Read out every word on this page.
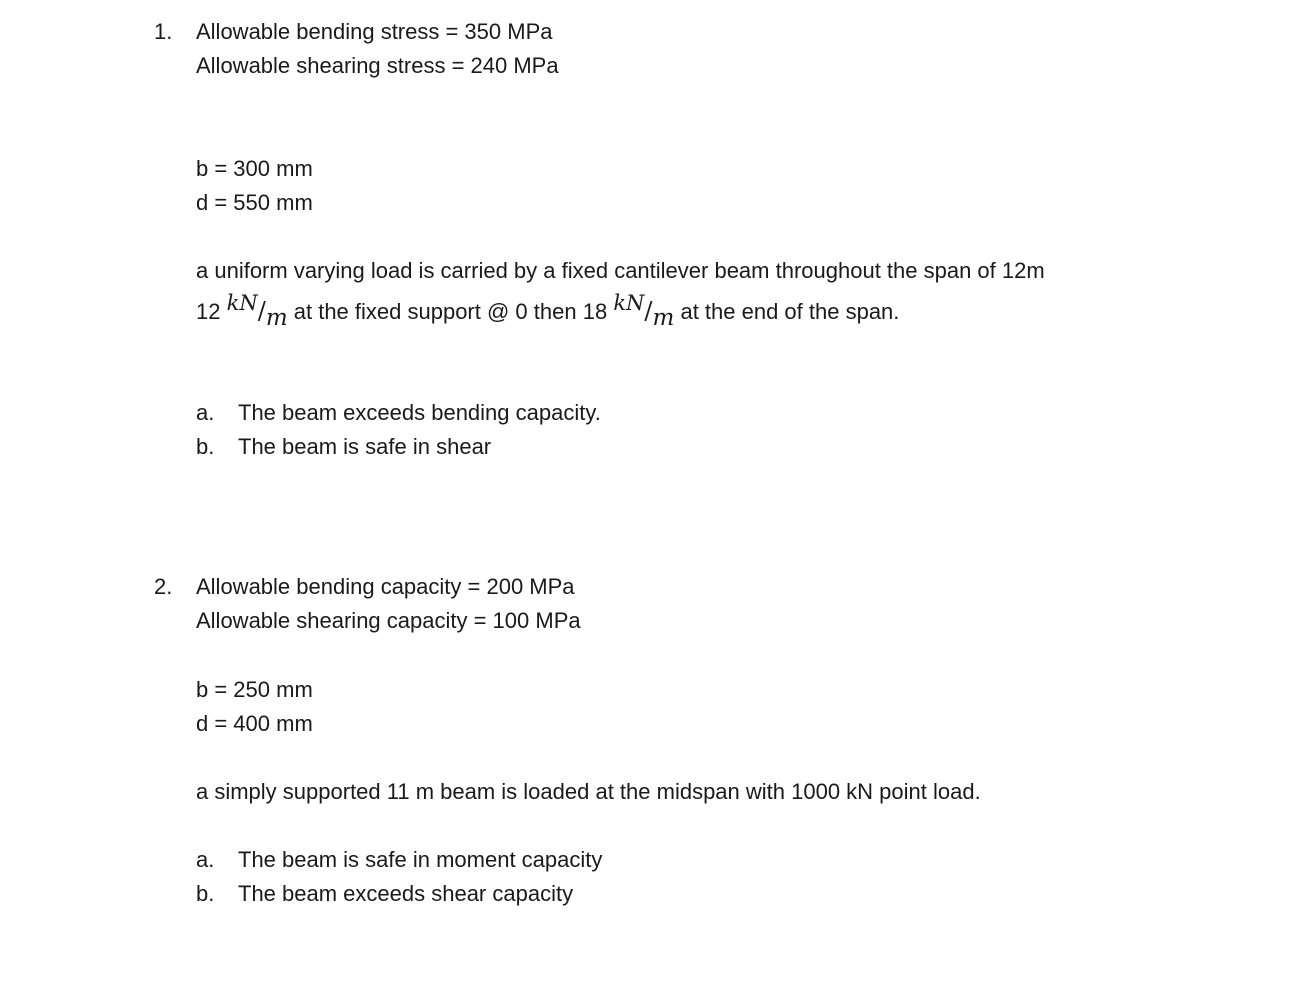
1. Allowable bending stress = 350 MPa
Allowable shearing stress = 240 MPa
b = 300 mm
d = 550 mm
a uniform varying load is carried by a fixed cantilever beam throughout the span of 12m
12 kN/m at the fixed support @ 0 then 18 kN/m at the end of the span.
a. The beam exceeds bending capacity.
b. The beam is safe in shear
2. Allowable bending capacity = 200 MPa
Allowable shearing capacity = 100 MPa
b = 250 mm
d = 400 mm
a simply supported 11 m beam is loaded at the midspan with 1000 kN point load.
a. The beam is safe in moment capacity
b. The beam exceeds shear capacity
